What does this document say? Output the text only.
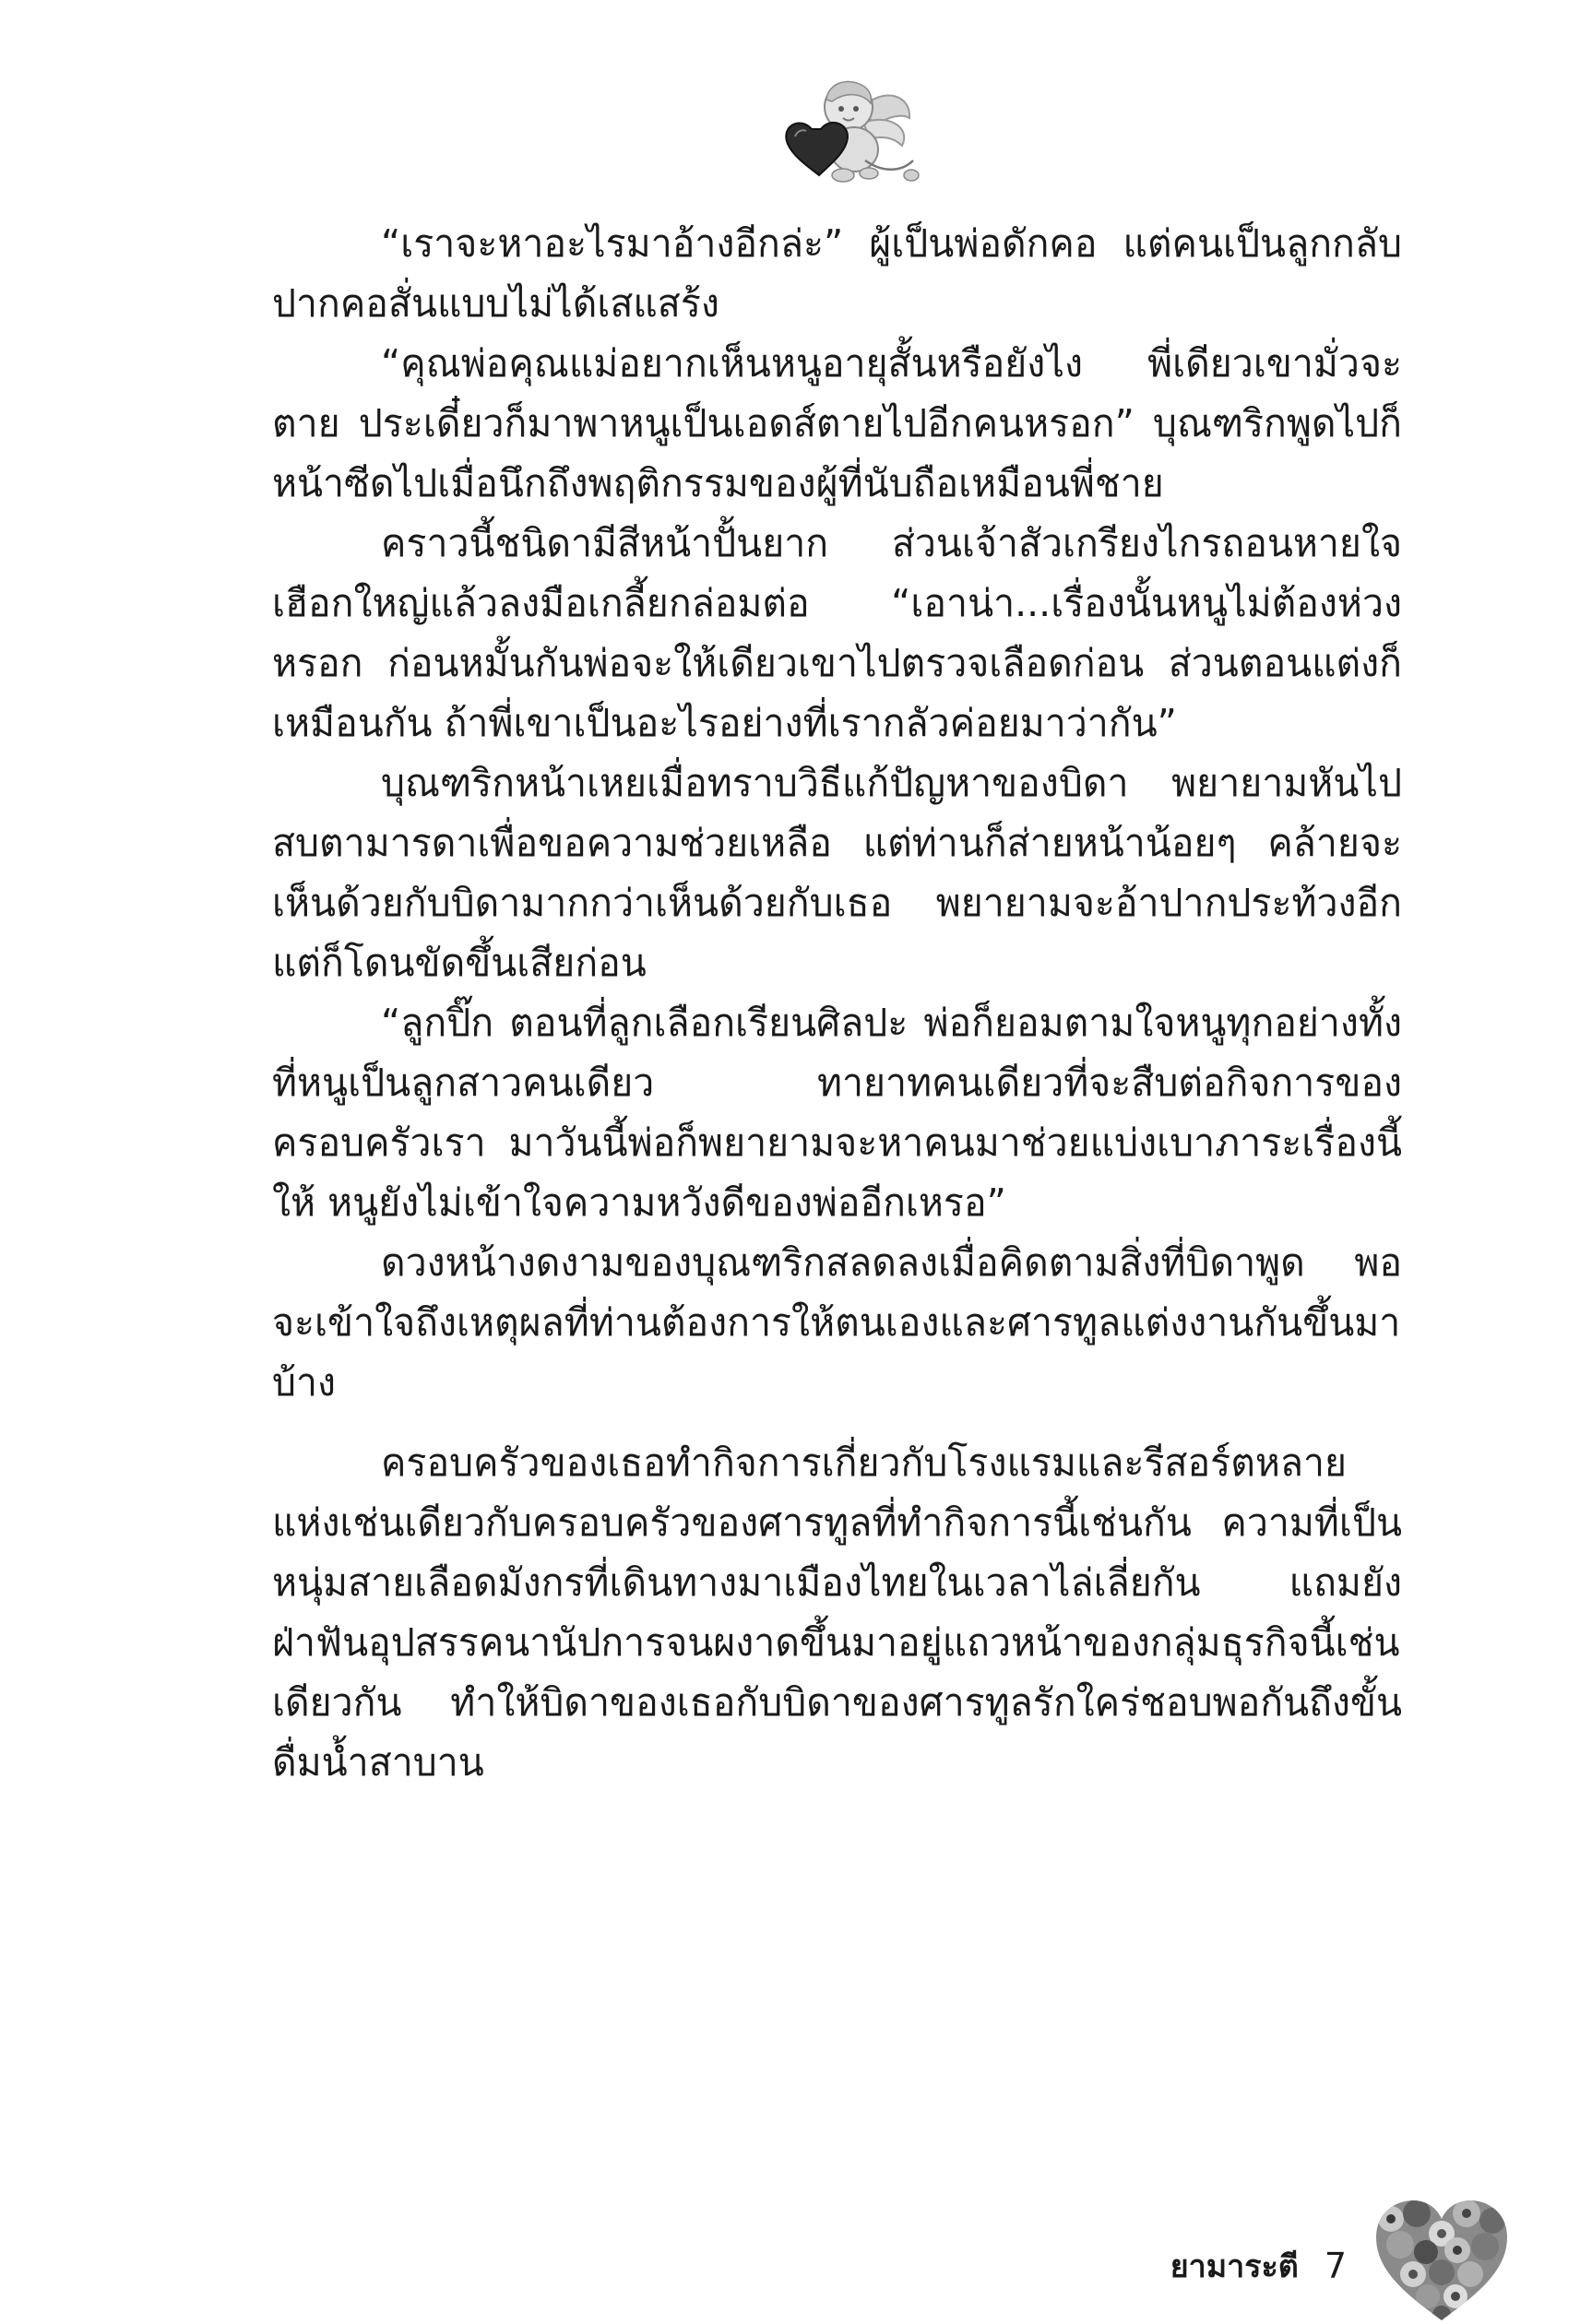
“เราจะหาอะไรมาอ้างอีกล่ะ” ผู้เป็นพ่อดักคอ แต่คนเป็นลูกกลับปากคอสั่นแบบไม่ได้เสแสร้ง

“คุณพ่อคุณแม่อยากเห็นหนูอายุสั้นหรือยังไง พี่เดียวเขามั่วจะตาย ประเดี๋ยวก็มาพาหนูเป็นเอดส์ตายไปอีกคนหรอก” บุณฑริกพูดไปก็หน้าซีดไปเมื่อนึกถึงพฤติกรรมของผู้ที่นับถือเหมือนพี่ชาย

คราวนี้ชนิดามีสีหน้าปั้นยาก ส่วนเจ้าสัวเกรียงไกรถอนหายใจเฮือกใหญ่แล้วลงมือเกลี้ยกล่อมต่อ “เอาน่า...เรื่องนั้นหนูไม่ต้องห่วงหรอก ก่อนหมั้นกันพ่อจะให้เดียวเขาไปตรวจเลือดก่อน ส่วนตอนแต่งก็เหมือนกัน ถ้าพี่เขาเป็นอะไรอย่างที่เรากลัวค่อยมาว่ากัน”

บุณฑริกหน้าเหยเมื่อทราบวิธีแก้ปัญหาของบิดา พยายามหันไปสบตามารดาเพื่อขอความช่วยเหลือ แต่ท่านก็ส่ายหน้าน้อยๆ คล้ายจะเห็นด้วยกับบิดามากกว่าเห็นด้วยกับเธอ พยายามจะอ้าปากประท้วงอีกแต่ก็โดนขัดขึ้นเสียก่อน

“ลูกปิ๊ก ตอนที่ลูกเลือกเรียนศิลปะ พ่อก็ยอมตามใจหนูทุกอย่างทั้งที่หนูเป็นลูกสาวคนเดียว ทายาทคนเดียวที่จะสืบต่อกิจการของครอบครัวเรา มาวันนี้พ่อก็พยายามจะหาคนมาช่วยแบ่งเบาภาระเรื่องนี้ให้ หนูยังไม่เข้าใจความหวังดีของพ่ออีกเหรอ”

ดวงหน้างดงามของบุณฑริกสลดลงเมื่อคิดตามสิ่งที่บิดาพูด พอจะเข้าใจถึงเหตุผลที่ท่านต้องการให้ตนเองและศารทูลแต่งงานกันขึ้นมาบ้าง

ครอบครัวของเธอทำกิจการเกี่ยวกับโรงแรมและรีสอร์ตหลายแห่งเช่นเดียวกับครอบครัวของศารทูลที่ทำกิจการนี้เช่นกัน ความที่เป็นหนุ่มสายเลือดมังกรที่เดินทางมาเมืองไทยในเวลาไล่เลี่ยกัน แถมยังฝ่าฟันอุปสรรคนานัปการจนผงาดขึ้นมาอยู่แถวหน้าของกลุ่มธุรกิจนี้เช่นเดียวกัน ทำให้บิดาของเธอกับบิดาของศารทูลรักใคร่ชอบพอกันถึงขั้นดื่มน้ำสาบาน

ยามาระตี 7
